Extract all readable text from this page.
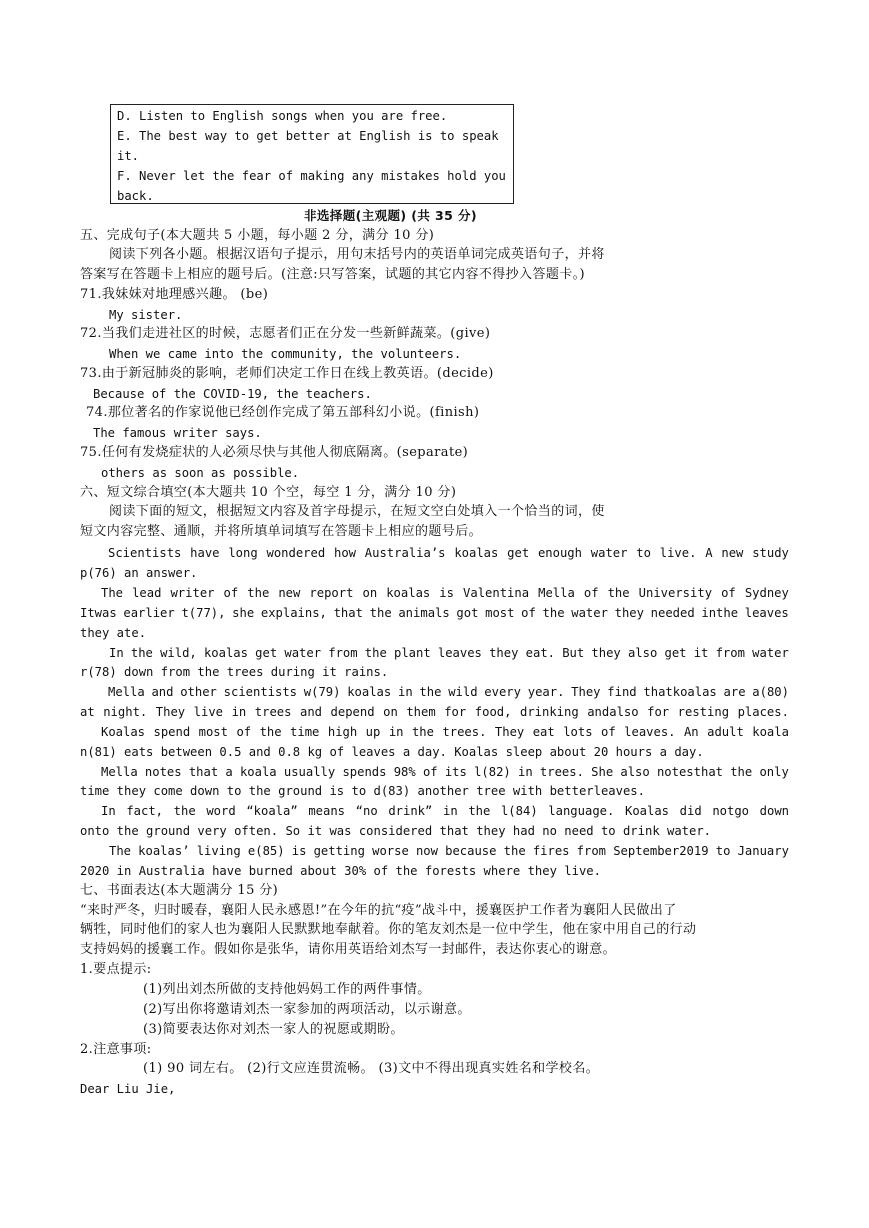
D. Listen to English songs when you are free.
E. The best way to get better at English is to speak
it.
F. Never let the fear of making any mistakes hold you
back.
非选择题(主观题) (共 35 分)
五、完成句子(本大题共 5 小题，每小题 2 分，满分 10 分)
阅读下列各小题。根据汉语句子提示，用句末括号内的英语单词完成英语句子，并将
答案写在答题卡上相应的题号后。(注意:只写答案，试题的其它内容不得抄入答题卡。)
71.我妹妹对地理感兴趣。 (be)
My sister.
72.当我们走进社区的时候，志愿者们正在分发一些新鲜蔬菜。(give)
When we came into the community, the volunteers.
73.由于新冠肺炎的影响，老师们决定工作日在线上教英语。(decide)
Because of the COVID-19, the teachers.
74.那位著名的作家说他已经创作完成了第五部科幻小说。(finish)
The famous writer says.
75.任何有发烧症状的人必须尽快与其他人彻底隔离。(separate)
others as soon as possible.
六、短文综合填空(本大题共 10 个空，每空 1 分，满分 10 分)
阅读下面的短文，根据短文内容及首字母提示，在短文空白处填入一个恰当的词，使
短文内容完整、通顺，并将所填单词填写在答题卡上相应的题号后。
Scientists have long wondered how Australia’s koalas get enough water to live. A new study
p(76) an answer.
The lead writer of the new report on koalas is Valentina Mella of the University of Sydney
Itwas earlier t(77), she explains, that the animals got most of the water they needed inthe leaves
they ate.
In the wild, koalas get water from the plant leaves they eat. But they also get it from water
r(78) down from the trees during it rains.
Mella and other scientists w(79) koalas in the wild every year. They find thatkoalas are a(80)
at night. They live in trees and depend on them for food, drinking andalso for resting places.
Koalas spend most of the time high up in the trees. They eat lots of leaves. An adult koala
n(81) eats between 0.5 and 0.8 kg of leaves a day. Koalas sleep about 20 hours a day.
Mella notes that a koala usually spends 98% of its l(82) in trees. She also notesthat the only
time they come down to the ground is to d(83) another tree with betterleaves.
In fact, the word “koala” means “no drink” in the l(84) language. Koalas did notgo down
onto the ground very often. So it was considered that they had no need to drink water.
The koalas’ living e(85) is getting worse now because the fires from September2019 to January
2020 in Australia have burned about 30% of the forests where they live.
七、书面表达(本大题满分 15 分)
“来时严冬，归时暖春，襄阳人民永感恩!”在今年的抗“疫”战斗中，援襄医护工作者为襄阳人民做出了
辆牲，同时他们的家人也为襄阳人民默默地奉献着。你的笔友刘杰是一位中学生，他在家中用自己的行动
支持妈妈的援襄工作。假如你是张华，请你用英语给刘杰写一封邮件，表达你衷心的谢意。
1.要点提示:
(1)列出刘杰所做的支持他妈妈工作的两件事情。
(2)写出你将邀请刘杰一家参加的两项活动，以示谢意。
(3)简要表达你对刘杰一家人的祝愿或期盼。
2.注意事项:
(1) 90 词左右。 (2)行文应连贯流畅。 (3)文中不得出现真实姓名和学校名。
Dear Liu Jie,
